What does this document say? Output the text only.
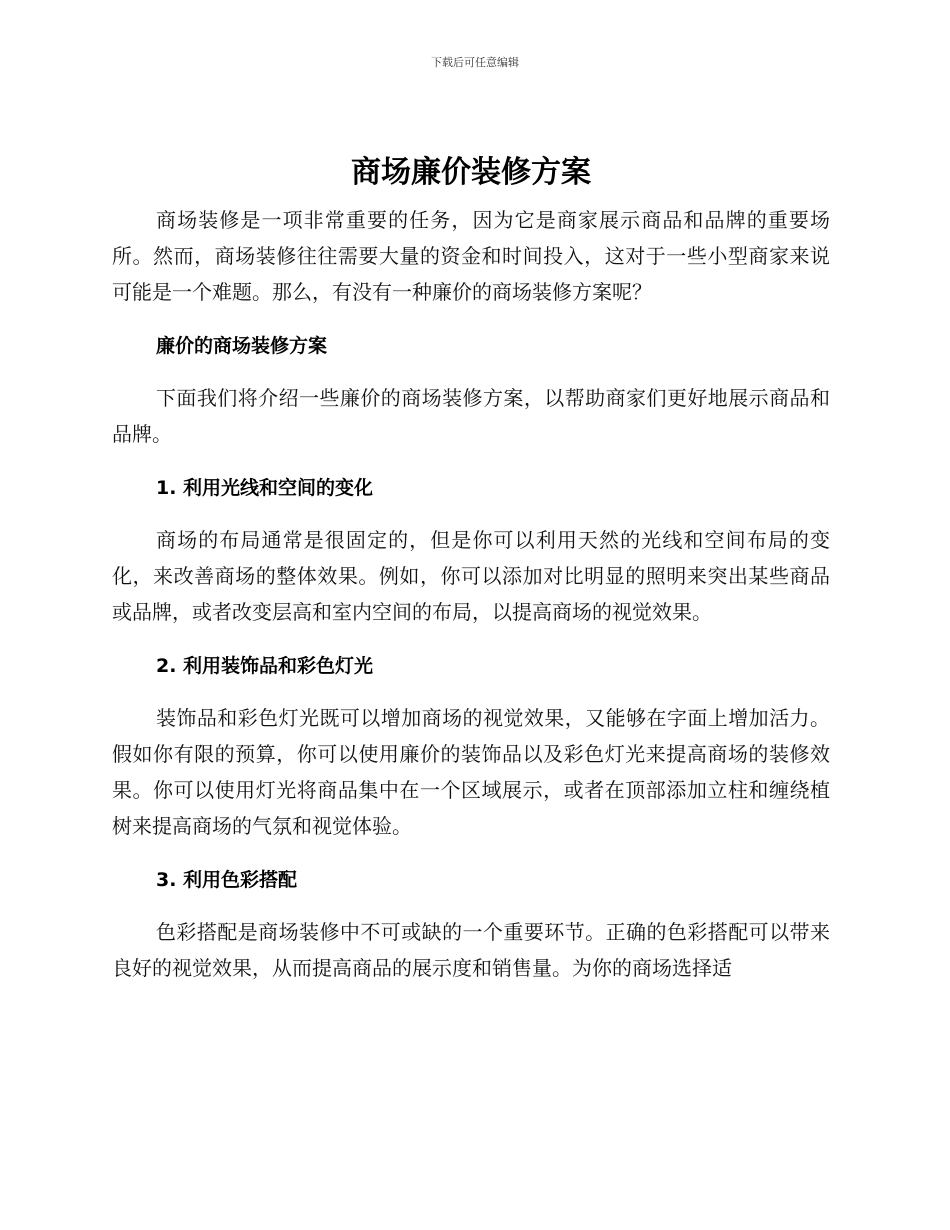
下载后可任意编辑
商场廉价装修方案

商场装修是一项非常重要的任务，因为它是商家展示商品和品牌的重要场所。然而，商场装修往往需要大量的资金和时间投入，这对于一些小型商家来说可能是一个难题。那么，有没有一种廉价的商场装修方案呢？

廉价的商场装修方案

下面我们将介绍一些廉价的商场装修方案，以帮助商家们更好地展示商品和品牌。

1. 利用光线和空间的变化

商场的布局通常是很固定的，但是你可以利用天然的光线和空间布局的变化，来改善商场的整体效果。例如，你可以添加对比明显的照明来突出某些商品或品牌，或者改变层高和室内空间的布局，以提高商场的视觉效果。

2. 利用装饰品和彩色灯光

装饰品和彩色灯光既可以增加商场的视觉效果，又能够在字面上增加活力。假如你有限的预算，你可以使用廉价的装饰品以及彩色灯光来提高商场的装修效果。你可以使用灯光将商品集中在一个区域展示，或者在顶部添加立柱和缠绕植树来提高商场的气氛和视觉体验。

3. 利用色彩搭配

色彩搭配是商场装修中不可或缺的一个重要环节。正确的色彩搭配可以带来良好的视觉效果，从而提高商品的展示度和销售量。为你的商场选择适
